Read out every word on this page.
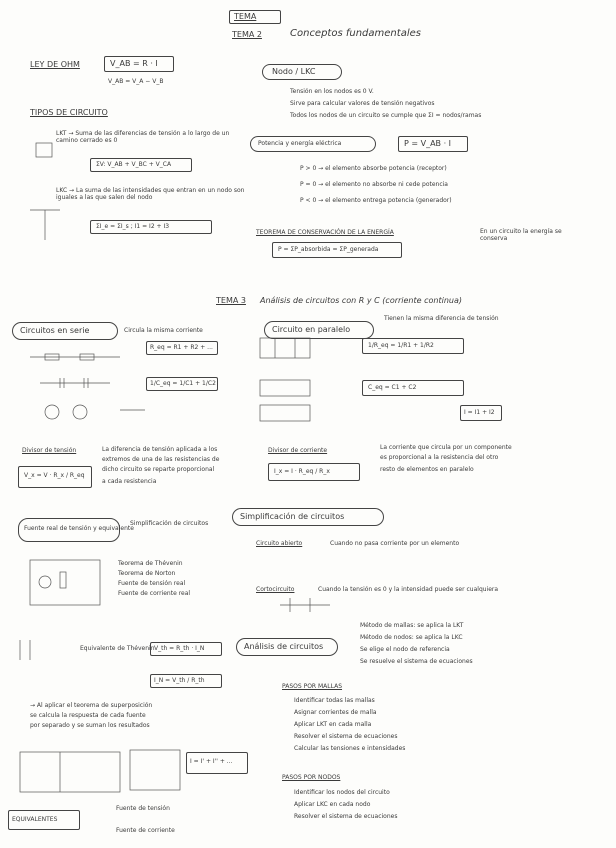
TEMA
TEMA 2	Conceptos fundamentales
LEY DE OHM	V_AB = R · I
V_AB = V_A − V_B
TIPOS DE CIRCUITO
LKT → Suma de las diferencias de tensión a lo largo de un camino cerrado es 0
ΣV: V_AB + V_BC + V_CA
LKC → La suma de las intensidades que entran en un nodo son iguales a las que salen del nodo
ΣI_e = ΣI_s ; I1 = I2 + I3
Nodo / LKC
Tensión en los nodos es 0 V.
Sirve para calcular valores de tensión negativos
Todos los nodos de un circuito se cumple que ΣI = nodos/ramas
Potencia y energía eléctrica	P = V_AB · I
P > 0 → el elemento absorbe potencia (receptor)
P = 0 → el elemento no absorbe ni cede potencia
P < 0 → el elemento entrega potencia (generador)
TEOREMA DE CONSERVACIÓN DE LA ENERGÍA
P = ΣP_absorbida = ΣP_generada
En un circuito la energía se conserva
TEMA 3 Análisis de circuitos con R y C (corriente continua)
Circuitos en serie	Circula la misma corriente
R_eq = R1 + R2 + ...
1/C_eq = 1/C1 + 1/C2
Divisor de tensión
V_x = V · R_x / R_eq
La diferencia de tensión aplicada a los
extremos de una de las resistencias de
dicho circuito se reparte proporcional
a cada resistencia
Circuito en paralelo
Tienen la misma diferencia de tensión
1/R_eq = 1/R1 + 1/R2
C_eq = C1 + C2
I = I1 + I2
Divisor de corriente
I_x = I · R_eq / R_x
La corriente que circula por un componente
es proporcional a la resistencia del otro
resto de elementos en paralelo
Fuente real de tensión y equivalente
Simplificación de circuitos
Teorema de Thévenin
Teorema de Norton
Fuente de tensión real
Fuente de corriente real
Equivalente de Thévenin V_th = R_th · I_N
I_N = V_th / R_th
Simplificación de circuitos
Circuito abierto	Cuando no pasa corriente por un elemento
Cortocircuito	Cuando la tensión es 0 y la intensidad puede ser cualquiera
Análisis de circuitos
Método de mallas: se aplica la LKT
Método de nodos: se aplica la LKC
Se elige el nodo de referencia
Se resuelve el sistema de ecuaciones
→ Al aplicar el teorema de superposición
se calcula la respuesta de cada fuente
por separado y se suman los resultados
I = I' + I'' + ...
EQUIVALENTES
Fuente de tensión
Fuente de corriente
PASOS POR MALLAS
Identificar todas las mallas
Asignar corrientes de malla
Aplicar LKT en cada malla
Resolver el sistema de ecuaciones
Calcular las tensiones e intensidades
PASOS POR NODOS
Identificar los nodos del circuito
Aplicar LKC en cada nodo
Resolver el sistema de ecuaciones
